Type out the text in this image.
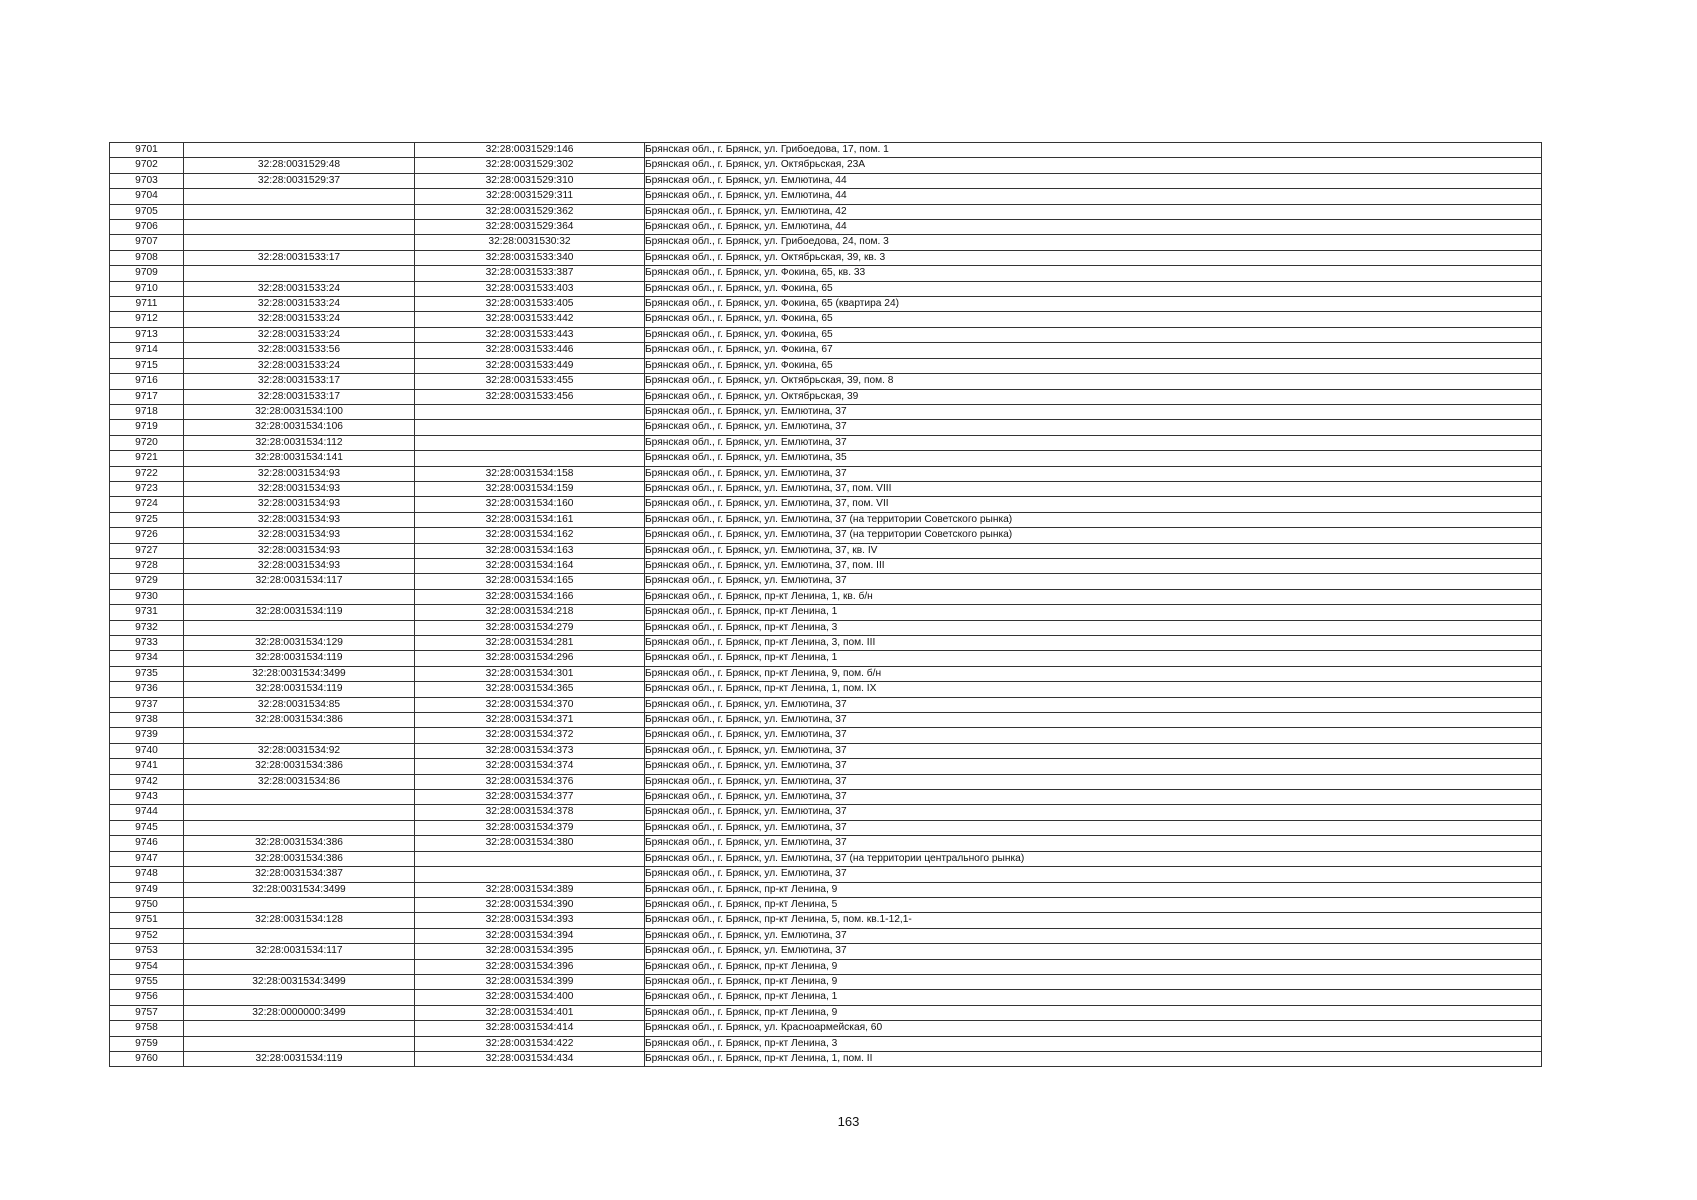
9701		32:28:0031529:146	Брянская обл., г. Брянск, ул. Грибоедова, 17, пом. 1
9702	32:28:0031529:48	32:28:0031529:302	Брянская обл., г. Брянск, ул. Октябрьская, 23А
9703	32:28:0031529:37	32:28:0031529:310	Брянская обл., г. Брянск, ул. Емлютина, 44
9704		32:28:0031529:311	Брянская обл., г. Брянск, ул. Емлютина, 44
9705		32:28:0031529:362	Брянская обл., г. Брянск, ул. Емлютина, 42
9706		32:28:0031529:364	Брянская обл., г. Брянск, ул. Емлютина, 44
9707		32:28:0031530:32	Брянская обл., г. Брянск, ул. Грибоедова, 24, пом. 3
9708	32:28:0031533:17	32:28:0031533:340	Брянская обл., г. Брянск, ул. Октябрьская, 39, кв. 3
9709		32:28:0031533:387	Брянская обл., г. Брянск, ул. Фокина, 65, кв. 33
9710	32:28:0031533:24	32:28:0031533:403	Брянская обл., г. Брянск, ул. Фокина, 65
9711	32:28:0031533:24	32:28:0031533:405	Брянская обл., г. Брянск, ул. Фокина, 65 (квартира 24)
9712	32:28:0031533:24	32:28:0031533:442	Брянская обл., г. Брянск, ул. Фокина, 65
9713	32:28:0031533:24	32:28:0031533:443	Брянская обл., г. Брянск, ул. Фокина, 65
9714	32:28:0031533:56	32:28:0031533:446	Брянская обл., г. Брянск, ул. Фокина, 67
9715	32:28:0031533:24	32:28:0031533:449	Брянская обл., г. Брянск, ул. Фокина, 65
9716	32:28:0031533:17	32:28:0031533:455	Брянская обл., г. Брянск, ул. Октябрьская, 39, пом. 8
9717	32:28:0031533:17	32:28:0031533:456	Брянская обл., г. Брянск, ул. Октябрьская, 39
9718	32:28:0031534:100		Брянская обл., г. Брянск, ул. Емлютина, 37
9719	32:28:0031534:106		Брянская обл., г. Брянск, ул. Емлютина, 37
9720	32:28:0031534:112		Брянская обл., г. Брянск, ул. Емлютина, 37
9721	32:28:0031534:141		Брянская обл., г. Брянск, ул. Емлютина, 35
9722	32:28:0031534:93	32:28:0031534:158	Брянская обл., г. Брянск, ул. Емлютина, 37
9723	32:28:0031534:93	32:28:0031534:159	Брянская обл., г. Брянск, ул. Емлютина, 37, пом. VIII
9724	32:28:0031534:93	32:28:0031534:160	Брянская обл., г. Брянск, ул. Емлютина, 37, пом. VII
9725	32:28:0031534:93	32:28:0031534:161	Брянская обл., г. Брянск, ул. Емлютина, 37 (на территории Советского рынка)
9726	32:28:0031534:93	32:28:0031534:162	Брянская обл., г. Брянск, ул. Емлютина, 37 (на территории Советского рынка)
9727	32:28:0031534:93	32:28:0031534:163	Брянская обл., г. Брянск, ул. Емлютина, 37, кв. IV
9728	32:28:0031534:93	32:28:0031534:164	Брянская обл., г. Брянск, ул. Емлютина, 37, пом. III
9729	32:28:0031534:117	32:28:0031534:165	Брянская обл., г. Брянск, ул. Емлютина, 37
9730		32:28:0031534:166	Брянская обл., г. Брянск, пр-кт Ленина, 1, кв. б/н
9731	32:28:0031534:119	32:28:0031534:218	Брянская обл., г. Брянск, пр-кт Ленина, 1
9732		32:28:0031534:279	Брянская обл., г. Брянск, пр-кт Ленина, 3
9733	32:28:0031534:129	32:28:0031534:281	Брянская обл., г. Брянск, пр-кт Ленина, 3, пом. III
9734	32:28:0031534:119	32:28:0031534:296	Брянская обл., г. Брянск, пр-кт Ленина, 1
9735	32:28:0031534:3499	32:28:0031534:301	Брянская обл., г. Брянск, пр-кт Ленина, 9, пом. б/н
9736	32:28:0031534:119	32:28:0031534:365	Брянская обл., г. Брянск, пр-кт Ленина, 1, пом. IX
9737	32:28:0031534:85	32:28:0031534:370	Брянская обл., г. Брянск, ул. Емлютина, 37
9738	32:28:0031534:386	32:28:0031534:371	Брянская обл., г. Брянск, ул. Емлютина, 37
9739		32:28:0031534:372	Брянская обл., г. Брянск, ул. Емлютина, 37
9740	32:28:0031534:92	32:28:0031534:373	Брянская обл., г. Брянск, ул. Емлютина, 37
9741	32:28:0031534:386	32:28:0031534:374	Брянская обл., г. Брянск, ул. Емлютина, 37
9742	32:28:0031534:86	32:28:0031534:376	Брянская обл., г. Брянск, ул. Емлютина, 37
9743		32:28:0031534:377	Брянская обл., г. Брянск, ул. Емлютина, 37
9744		32:28:0031534:378	Брянская обл., г. Брянск, ул. Емлютина, 37
9745		32:28:0031534:379	Брянская обл., г. Брянск, ул. Емлютина, 37
9746	32:28:0031534:386	32:28:0031534:380	Брянская обл., г. Брянск, ул. Емлютина, 37
9747	32:28:0031534:386		Брянская обл., г. Брянск, ул. Емлютина, 37 (на территории центрального рынка)
9748	32:28:0031534:387		Брянская обл., г. Брянск, ул. Емлютина, 37
9749	32:28:0031534:3499	32:28:0031534:389	Брянская обл., г. Брянск, пр-кт Ленина, 9
9750		32:28:0031534:390	Брянская обл., г. Брянск, пр-кт Ленина, 5
9751	32:28:0031534:128	32:28:0031534:393	Брянская обл., г. Брянск, пр-кт Ленина, 5, пом. кв.1-12,1-
9752		32:28:0031534:394	Брянская обл., г. Брянск, ул. Емлютина, 37
9753	32:28:0031534:117	32:28:0031534:395	Брянская обл., г. Брянск, ул. Емлютина, 37
9754		32:28:0031534:396	Брянская обл., г. Брянск, пр-кт Ленина, 9
9755	32:28:0031534:3499	32:28:0031534:399	Брянская обл., г. Брянск, пр-кт Ленина, 9
9756		32:28:0031534:400	Брянская обл., г. Брянск, пр-кт Ленина, 1
9757	32:28:0000000:3499	32:28:0031534:401	Брянская обл., г. Брянск, пр-кт Ленина, 9
9758		32:28:0031534:414	Брянская обл., г. Брянск, ул. Красноармейская, 60
9759		32:28:0031534:422	Брянская обл., г. Брянск, пр-кт Ленина, 3
9760	32:28:0031534:119	32:28:0031534:434	Брянская обл., г. Брянск, пр-кт Ленина, 1, пом. II
163
